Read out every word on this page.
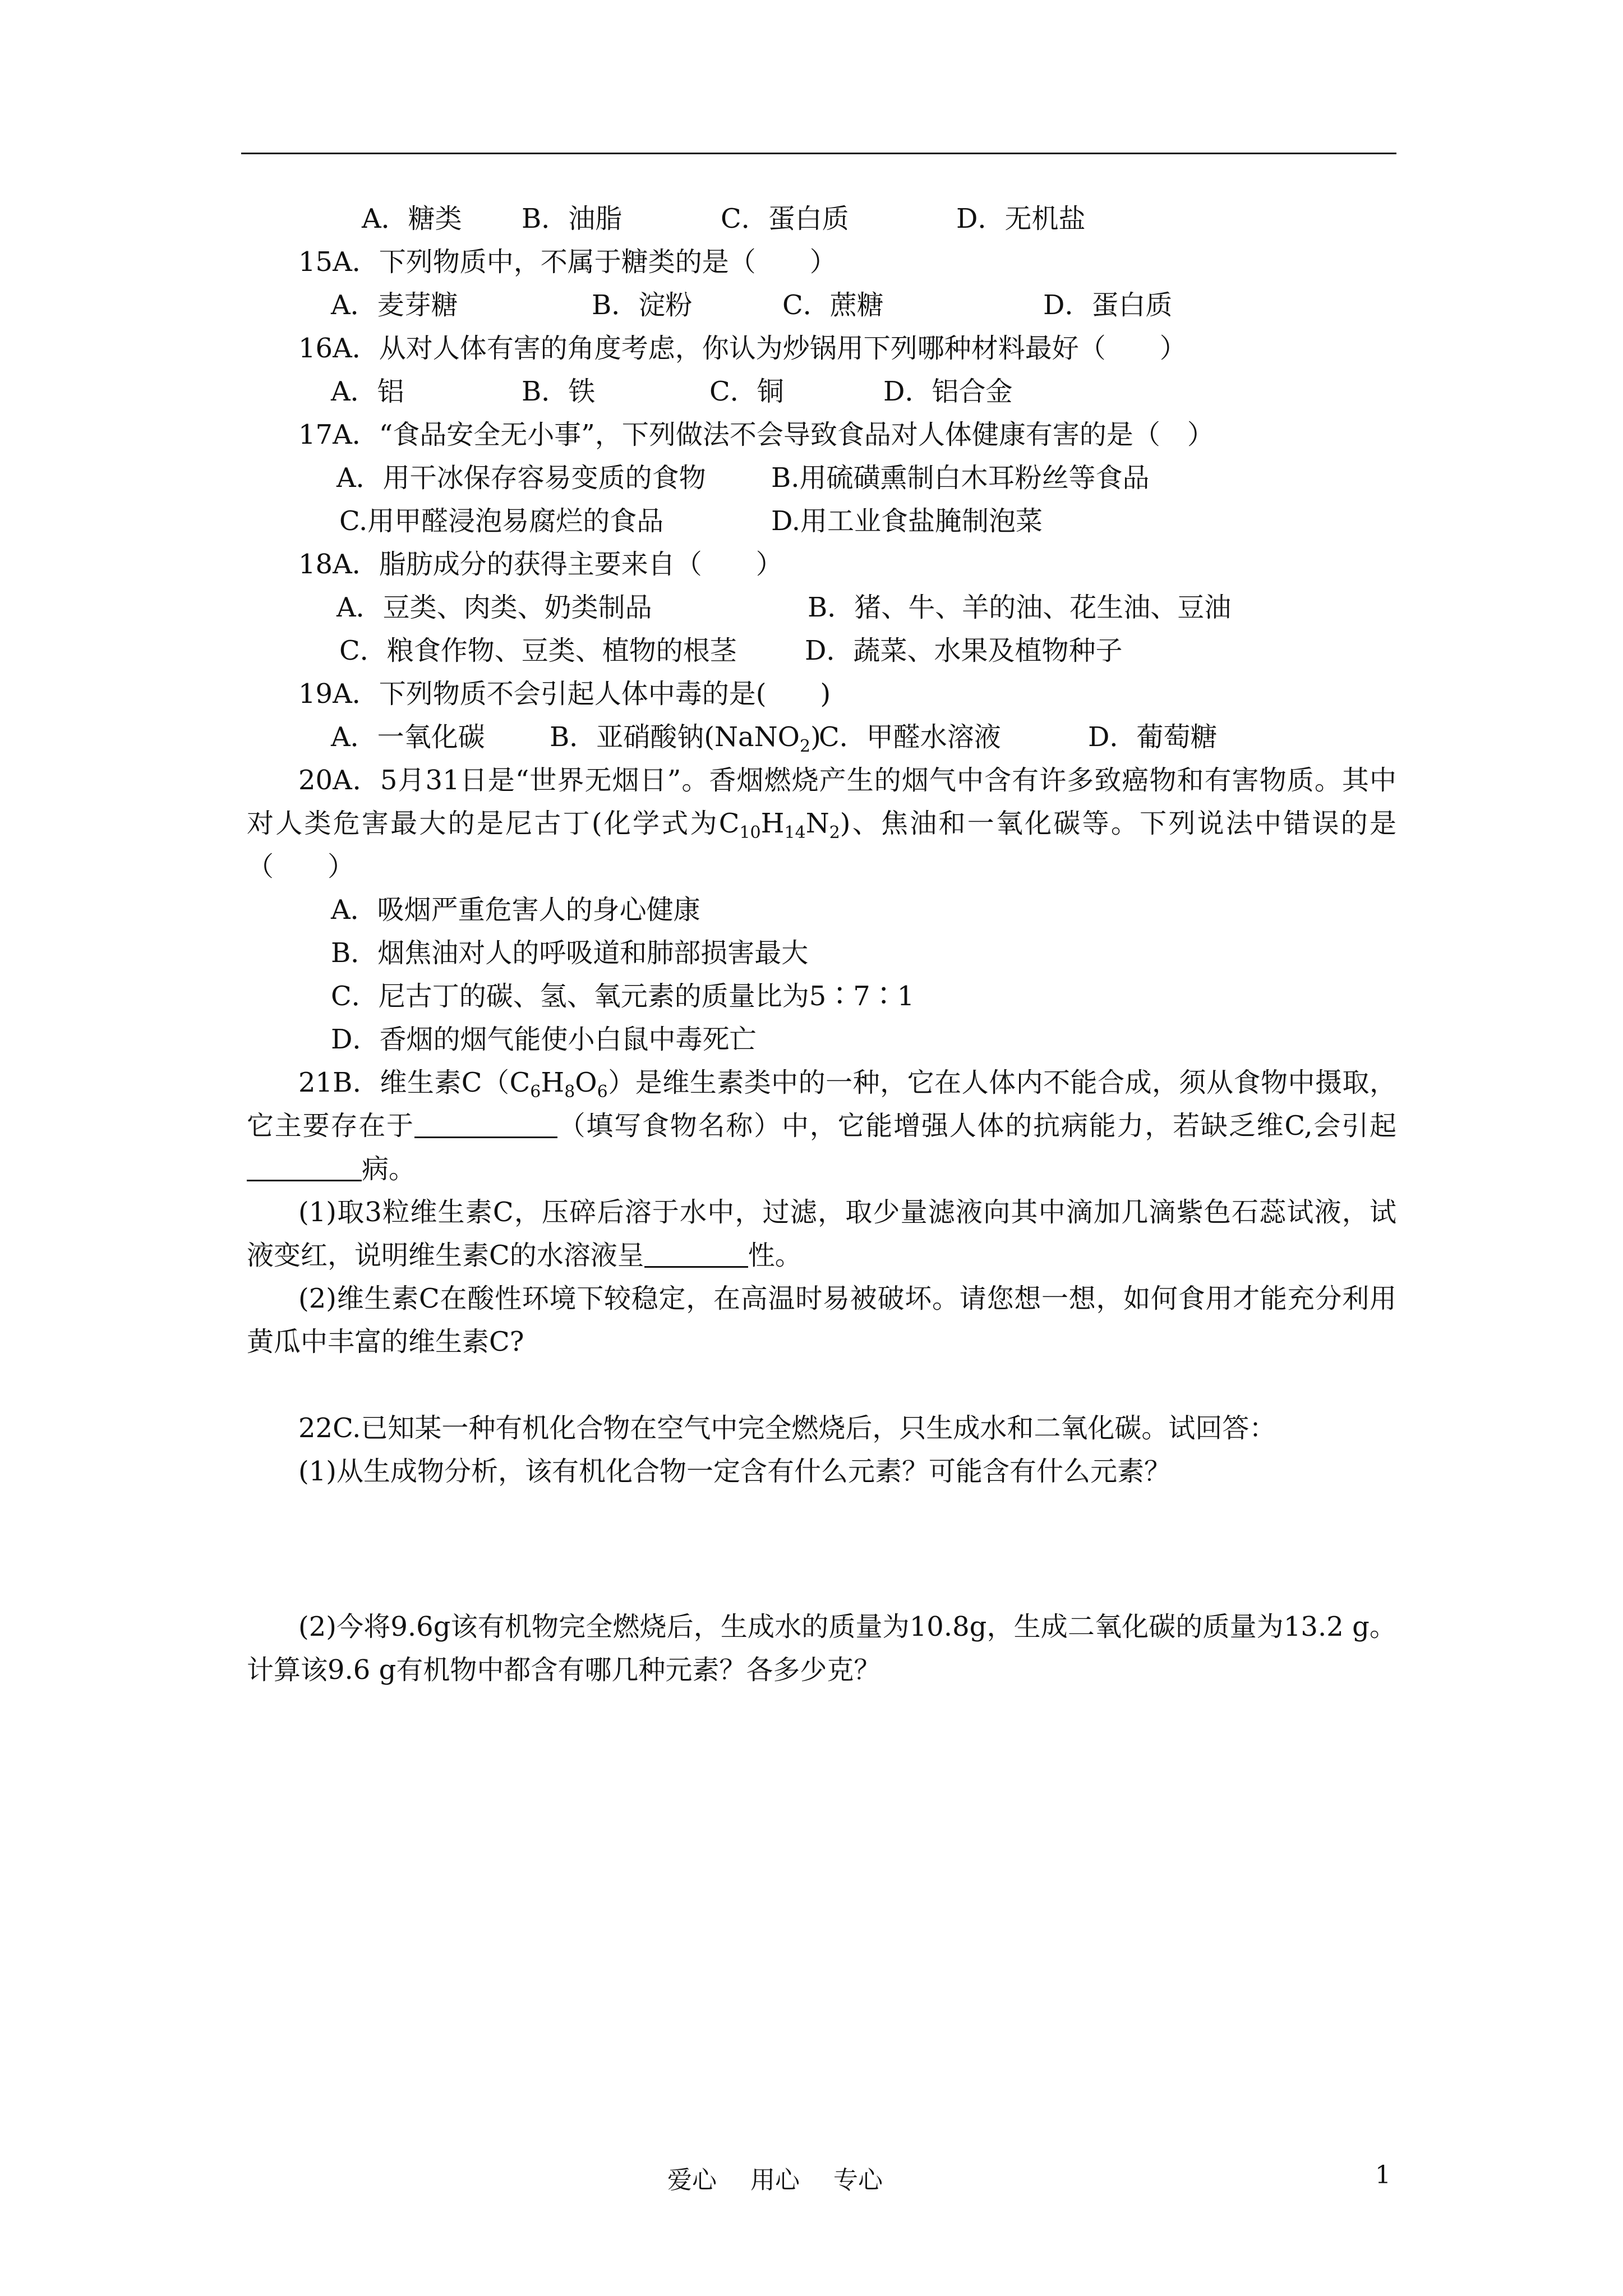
A．糖类 B．油脂	C．蛋白质	D．无机盐
15A．下列物质中，不属于糖类的是（　　）
A．麦芽糖	B．淀粉	C．蔗糖	D．蛋白质
16A．从对人体有害的角度考虑，你认为炒锅用下列哪种材料最好（　　）
A．铝	B．铁	C．铜	D．铝合金
17A．“食品安全无小事”，下列做法不会导致食品对人体健康有害的是（　）
A．用干冰保存容易变质的食物 B.用硫磺熏制白木耳粉丝等食品
C.用甲醛浸泡易腐烂的食品	D.用工业食盐腌制泡菜
18A．脂肪成分的获得主要来自（　　）
A．豆类、肉类、奶类制品	B．猪、牛、羊的油、花生油、豆油
C．粮食作物、豆类、植物的根茎	D．蔬菜、水果及植物种子
19A．下列物质不会引起人体中毒的是(　　)
A．一氧化碳 B．亚硝酸钠(NaNO$_2$)C．甲醛水溶液	D．葡萄糖
20A．5月31日是“世界无烟日”。香烟燃烧产生的烟气中含有许多致癌物和有害物质。其中对人类危害最大的是尼古丁(化学式为$C_{10}H_{14}N_2$)、焦油和一氧化碳等。下列说法中错误的是（　　）
A．吸烟严重危害人的身心健康
B．烟焦油对人的呼吸道和肺部损害最大
C．尼古丁的碳、氢、氧元素的质量比为5∶7∶1
D．香烟的烟气能使小白鼠中毒死亡
21B．维生素$C(C_6H_8O_6)$是维生素类中的一种，它在人体内不能合成，须从食物中摄取，它主要存在于	（填写食物名称）中，它能增强人体的抗病能力，若缺乏维C,会引起病。
(1)取3粒维生素C，压碎后溶于水中，过滤，取少量滤液向其中滴加几滴紫色石蕊试液，试液变红，说明维生素C的水溶液呈	性。
(2)维生素C在酸性环境下较稳定，在高温时易被破坏。请您想一想，如何食用才能充分利用黄瓜中丰富的维生素C?
22C.已知某一种有机化合物在空气中完全燃烧后，只生成水和二氧化碳。试回答：
(1)从生成物分析，该有机化合物一定含有什么元素？可能含有什么元素？
(2)今将9.6g该有机物完全燃烧后，生成水的质量为10.8g，生成二氧化碳的质量为13.2 g。计算该9.6 g有机物中都含有哪几种元素？各多少克？
爱心 用心 专心	1
